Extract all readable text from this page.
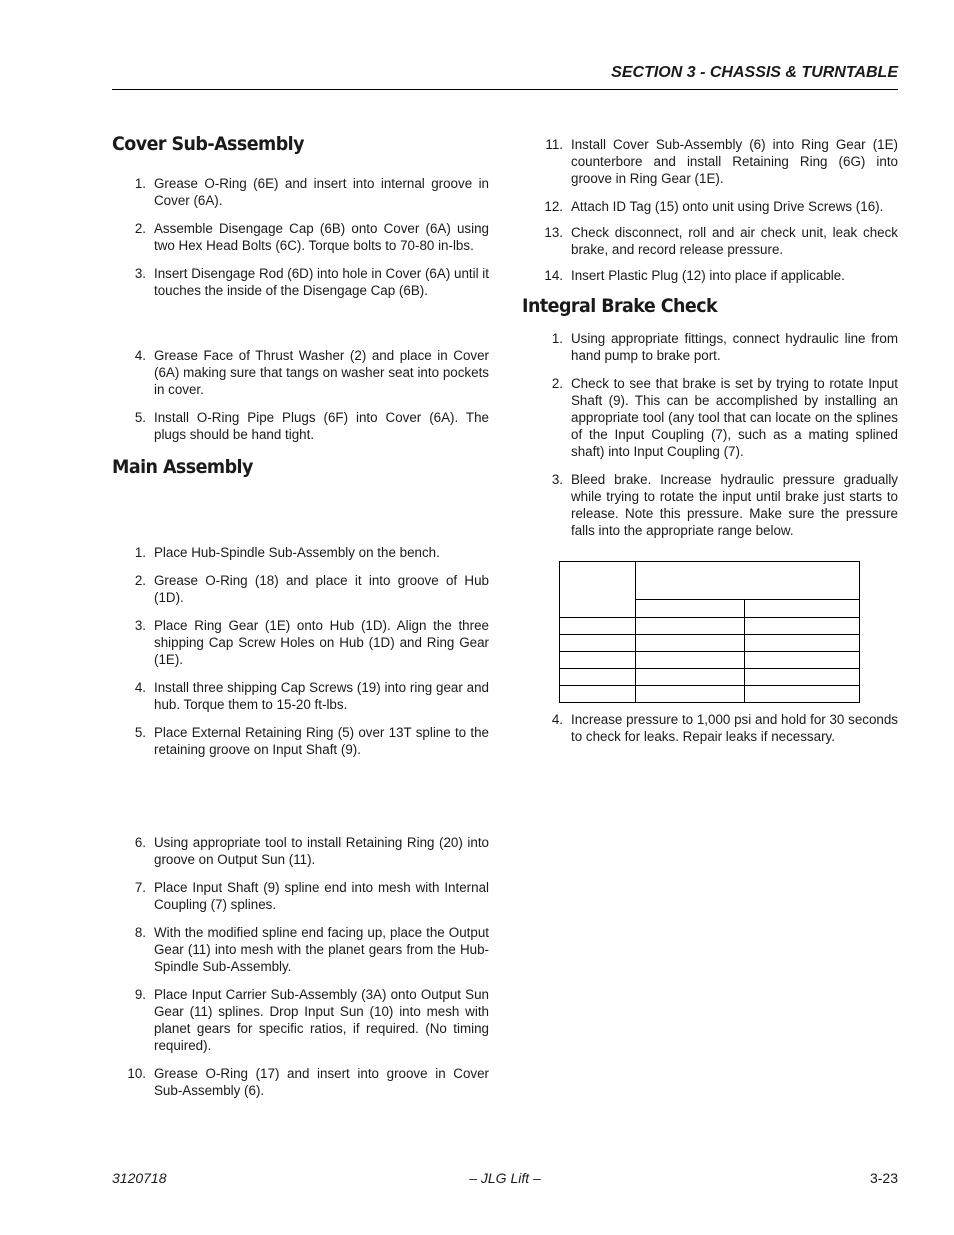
SECTION 3 - CHASSIS & TURNTABLE
Cover Sub-Assembly
1. Grease O-Ring (6E) and insert into internal groove in Cover (6A).
2. Assemble Disengage Cap (6B) onto Cover (6A) using two Hex Head Bolts (6C). Torque bolts to 70-80 in-lbs.
3. Insert Disengage Rod (6D) into hole in Cover (6A) until it touches the inside of the Disengage Cap (6B).
4. Grease Face of Thrust Washer (2) and place in Cover (6A) making sure that tangs on washer seat into pockets in cover.
5. Install O-Ring Pipe Plugs (6F) into Cover (6A). The plugs should be hand tight.
Main Assembly
1. Place Hub-Spindle Sub-Assembly on the bench.
2. Grease O-Ring (18) and place it into groove of Hub (1D).
3. Place Ring Gear (1E) onto Hub (1D). Align the three shipping Cap Screw Holes on Hub (1D) and Ring Gear (1E).
4. Install three shipping Cap Screws (19) into ring gear and hub. Torque them to 15-20 ft-lbs.
5. Place External Retaining Ring (5) over 13T spline to the retaining groove on Input Shaft (9).
6. Using appropriate tool to install Retaining Ring (20) into groove on Output Sun (11).
7. Place Input Shaft (9) spline end into mesh with Internal Coupling (7) splines.
8. With the modified spline end facing up, place the Output Gear (11) into mesh with the planet gears from the Hub-Spindle Sub-Assembly.
9. Place Input Carrier Sub-Assembly (3A) onto Output Sun Gear (11) splines. Drop Input Sun (10) into mesh with planet gears for specific ratios, if required. (No timing required).
10. Grease O-Ring (17) and insert into groove in Cover Sub-Assembly (6).
11. Install Cover Sub-Assembly (6) into Ring Gear (1E) counterbore and install Retaining Ring (6G) into groove in Ring Gear (1E).
12. Attach ID Tag (15) onto unit using Drive Screws (16).
13. Check disconnect, roll and air check unit, leak check brake, and record release pressure.
14. Insert Plastic Plug (12) into place if applicable.
Integral Brake Check
1. Using appropriate fittings, connect hydraulic line from hand pump to brake port.
2. Check to see that brake is set by trying to rotate Input Shaft (9). This can be accomplished by installing an appropriate tool (any tool that can locate on the splines of the Input Coupling (7), such as a mating splined shaft) into Input Coupling (7).
3. Bleed brake. Increase hydraulic pressure gradually while trying to rotate the input until brake just starts to release. Note this pressure. Make sure the pressure falls into the appropriate range below.

4. Increase pressure to 1,000 psi and hold for 30 seconds to check for leaks. Repair leaks if necessary.
3120718	– JLG Lift –	3-23
